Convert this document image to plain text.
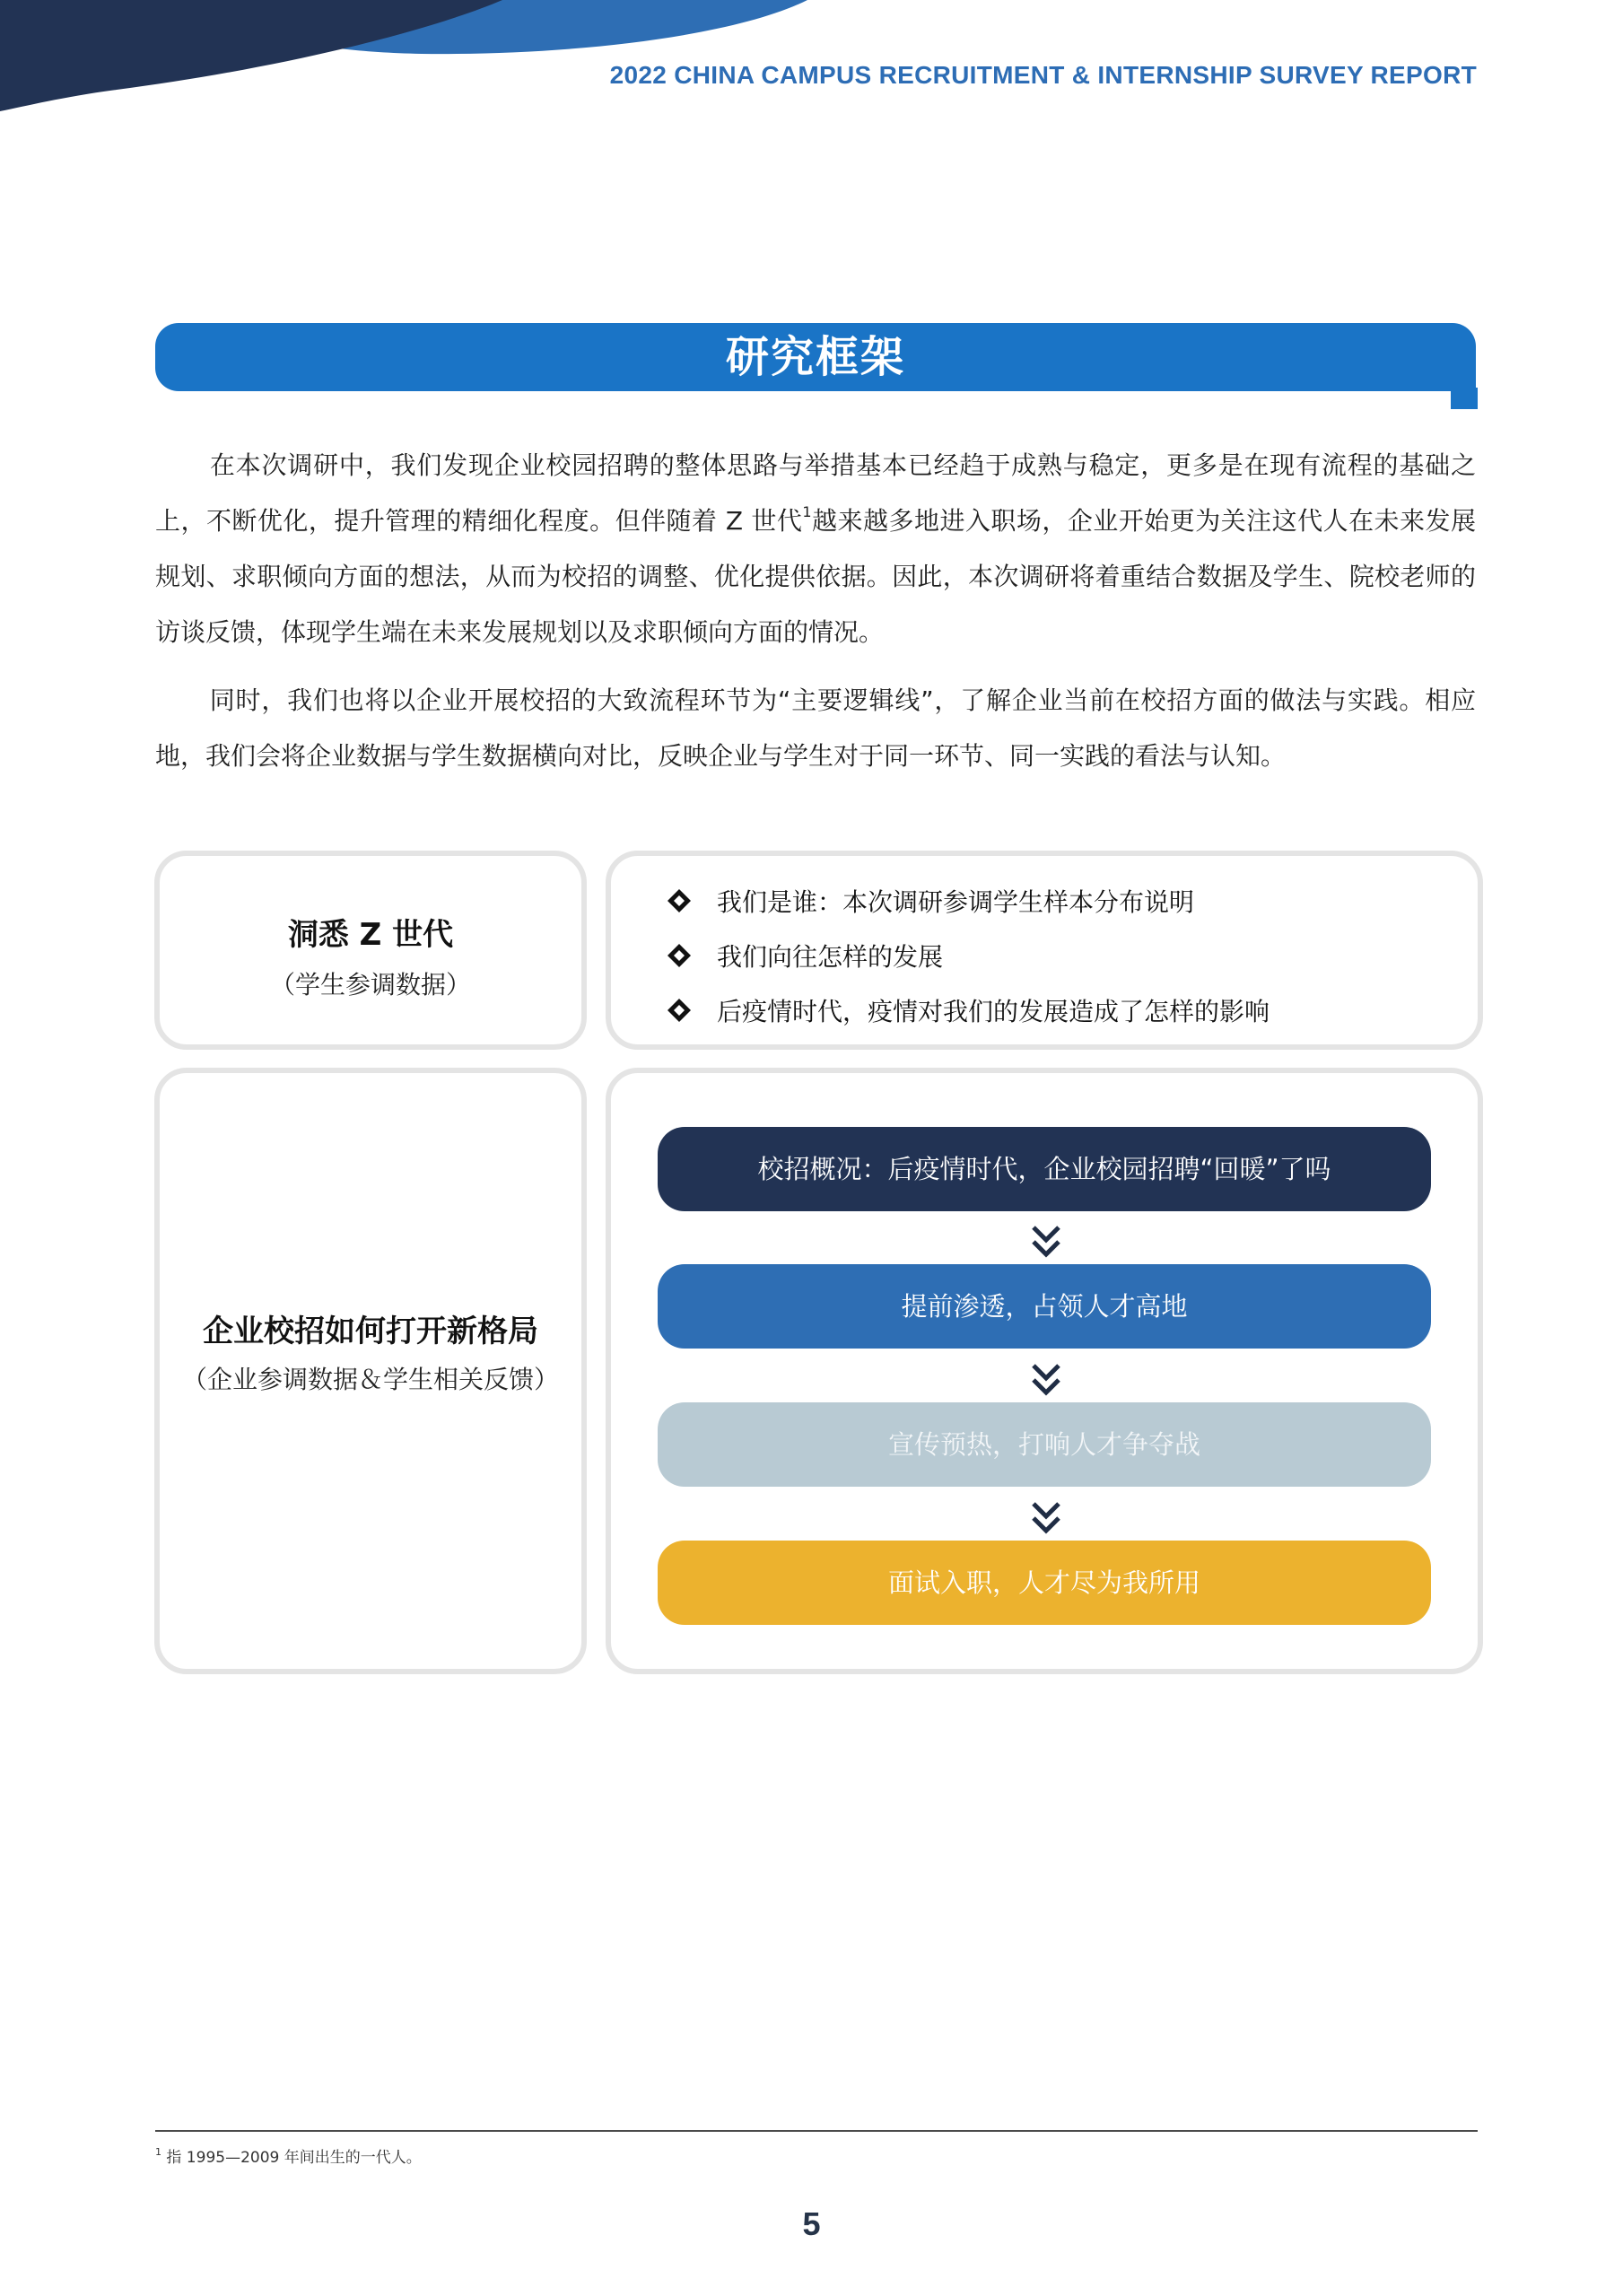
2022 CHINA CAMPUS RECRUITMENT & INTERNSHIP SURVEY REPORT
研究框架

在本次调研中，我们发现企业校园招聘的整体思路与举措基本已经趋于成熟与稳定，更多是在现有流程的基础之上，不断优化，提升管理的精细化程度。但伴随着 Z 世代$^1$越来越多地进入职场，企业开始更为关注这代人在未来发展规划、求职倾向方面的想法，从而为校招的调整、优化提供依据。因此，本次调研将着重结合数据及学生、院校老师的访谈反馈，体现学生端在未来发展规划以及求职倾向方面的情况。

同时，我们也将以企业开展校招的大致流程环节为“主要逻辑线”，了解企业当前在校招方面的做法与实践。相应地，我们会将企业数据与学生数据横向对比，反映企业与学生对于同一环节、同一实践的看法与认知。

洞悉 Z 世代
（学生参调数据）
我们是谁：本次调研参调学生样本分布说明
我们向往怎样的发展
后疫情时代，疫情对我们的发展造成了怎样的影响
企业校招如何打开新格局
（企业参调数据＆学生相关反馈）
校招概况：后疫情时代，企业校园招聘“回暖”了吗
提前渗透，占领人才高地
宣传预热，打响人才争夺战
面试入职，人才尽为我所用
$^1$ 指 1995—2009 年间出生的一代人。
5
